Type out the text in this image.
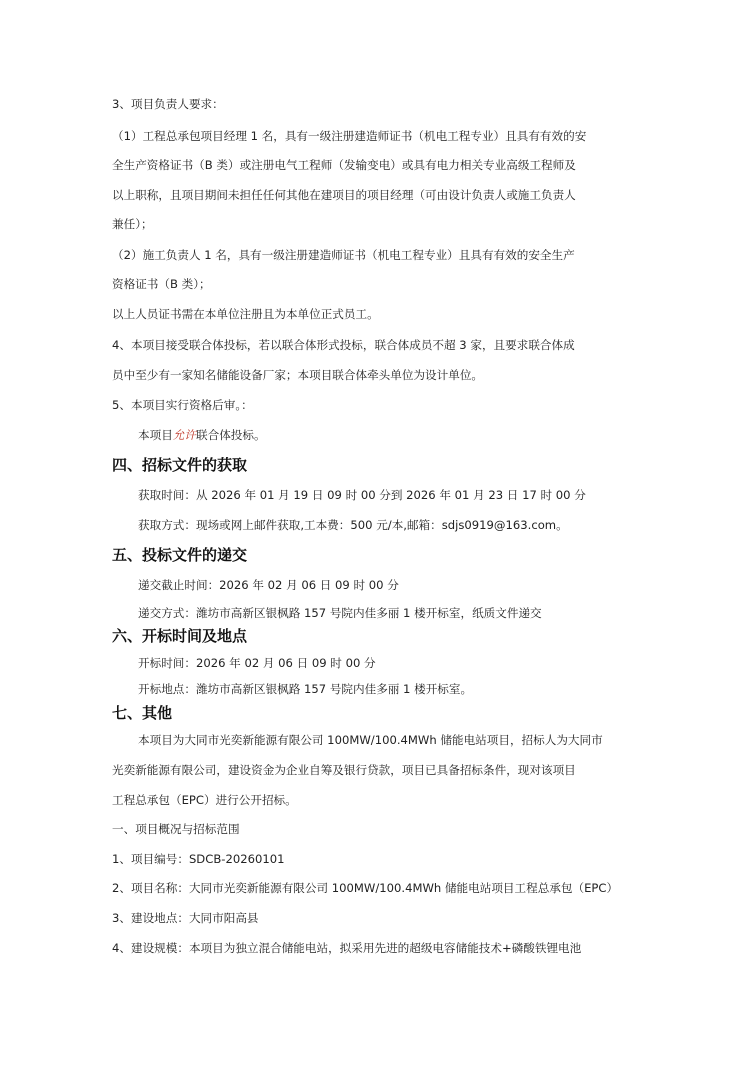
3、项目负责人要求：
（1）工程总承包项目经理 1 名，具有一级注册建造师证书（机电工程专业）且具有有效的安
全生产资格证书（B 类）或注册电气工程师（发输变电）或具有电力相关专业高级工程师及
以上职称，且项目期间未担任任何其他在建项目的项目经理（可由设计负责人或施工负责人
兼任）；
（2）施工负责人 1 名，具有一级注册建造师证书（机电工程专业）且具有有效的安全生产
资格证书（B 类）；
以上人员证书需在本单位注册且为本单位正式员工。
4、本项目接受联合体投标，若以联合体形式投标，联合体成员不超 3 家，且要求联合体成
员中至少有一家知名储能设备厂家；本项目联合体牵头单位为设计单位。
5、本项目实行资格后审。：
本项目允许联合体投标。
四、招标文件的获取
获取时间：从 2026 年 01 月 19 日 09 时 00 分到 2026 年 01 月 23 日 17 时 00 分
获取方式：现场或网上邮件获取,工本费：500 元/本,邮箱：sdjs0919@163.com。
五、投标文件的递交
递交截止时间：2026 年 02 月 06 日 09 时 00 分
递交方式：潍坊市高新区银枫路 157 号院内佳多丽 1 楼开标室，纸质文件递交
六、开标时间及地点
开标时间：2026 年 02 月 06 日 09 时 00 分
开标地点：潍坊市高新区银枫路 157 号院内佳多丽 1 楼开标室。
七、其他
本项目为大同市光奕新能源有限公司 100MW/100.4MWh 储能电站项目，招标人为大同市
光奕新能源有限公司，建设资金为企业自筹及银行贷款，项目已具备招标条件，现对该项目
工程总承包（EPC）进行公开招标。
一、项目概况与招标范围
1、项目编号：SDCB-20260101
2、项目名称：大同市光奕新能源有限公司 100MW/100.4MWh 储能电站项目工程总承包（EPC）
3、建设地点：大同市阳高县
4、建设规模：本项目为独立混合储能电站，拟采用先进的超级电容储能技术+磷酸铁锂电池
